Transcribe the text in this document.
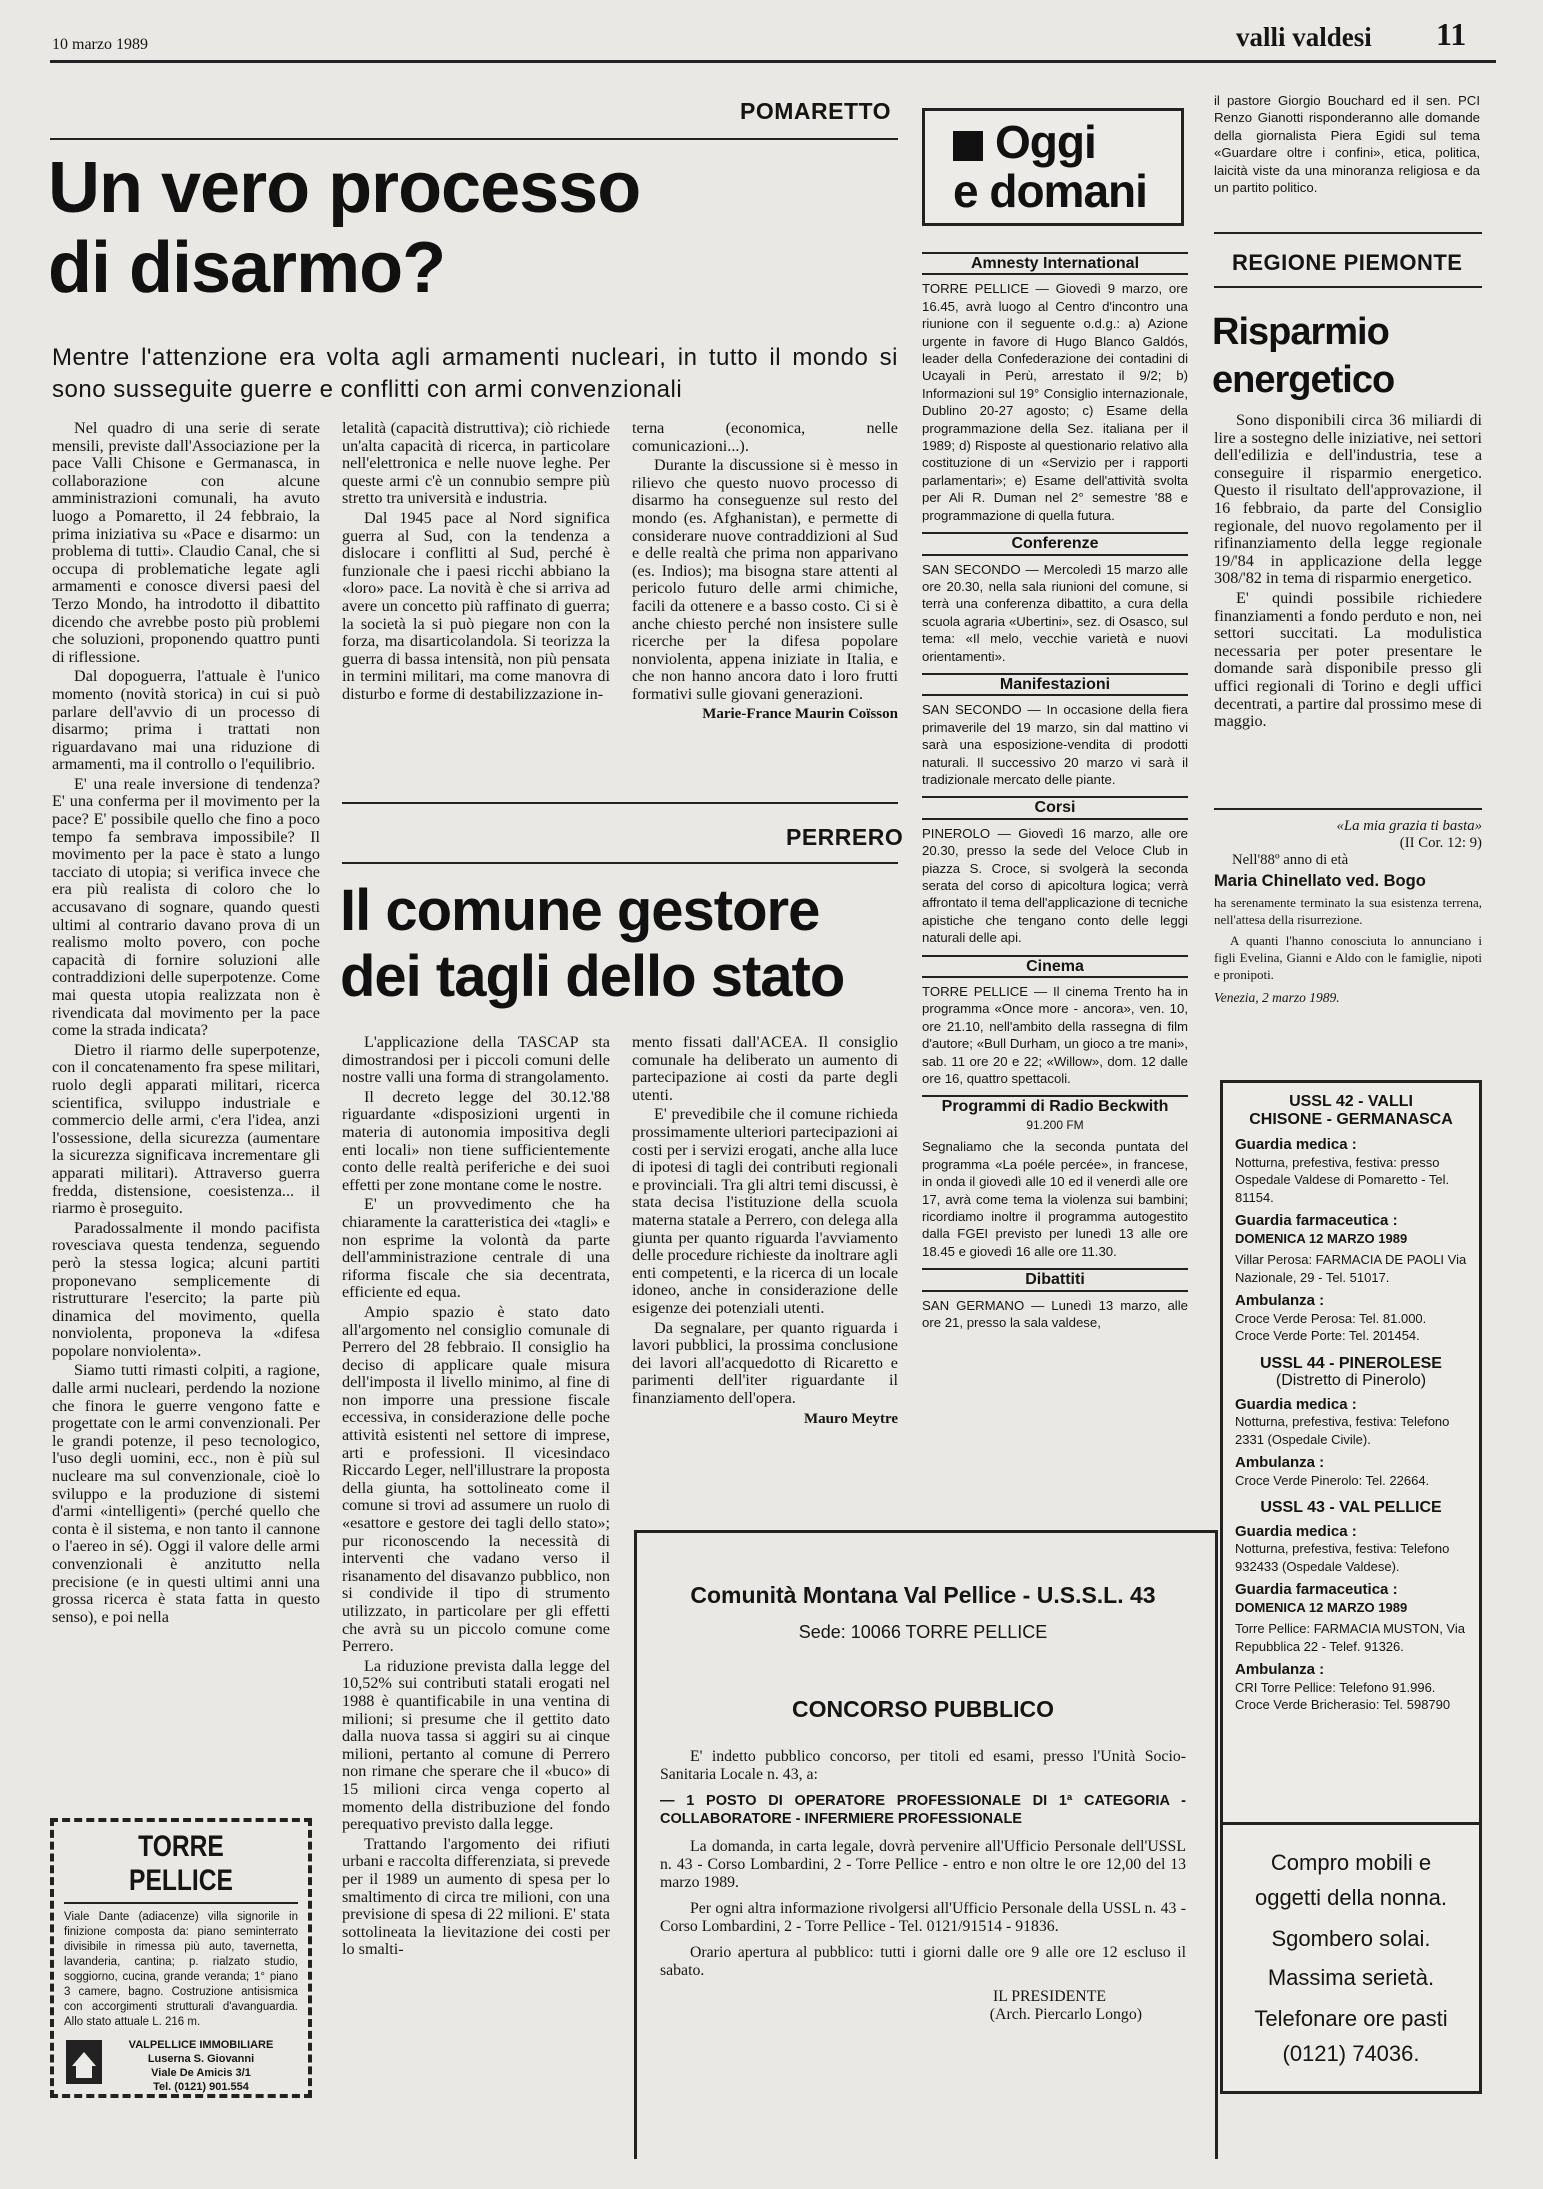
10 marzo 1989	valli valdesi 11
POMARETTO
Un vero processo
di disarmo?
Mentre l'attenzione era volta agli armamenti nucleari, in tutto il mondo si sono susseguite guerre e conflitti con armi convenzionali

Nel quadro di una serie di serate mensili, previste dall'Associazione per la pace Valli Chisone e Germanasca, in collaborazione con alcune amministrazioni comunali, ha avuto luogo a Pomaretto, il 24 febbraio, la prima iniziativa su «Pace e disarmo: un problema di tutti». Claudio Canal, che si occupa di problematiche legate agli armamenti e conosce diversi paesi del Terzo Mondo, ha introdotto il dibattito dicendo che avrebbe posto più problemi che soluzioni, proponendo quattro punti di riflessione.

Dal dopoguerra, l'attuale è l'unico momento (novità storica) in cui si può parlare dell'avvio di un processo di disarmo; prima i trattati non riguardavano mai una riduzione di armamenti, ma il controllo o l'equilibrio.

E' una reale inversione di tendenza? E' una conferma per il movimento per la pace? E' possibile quello che fino a poco tempo fa sembrava impossibile? Il movimento per la pace è stato a lungo tacciato di utopia; si verifica invece che era più realista di coloro che lo accusavano di sognare, quando questi ultimi al contrario davano prova di un realismo molto povero, con poche capacità di fornire soluzioni alle contraddizioni delle superpotenze. Come mai questa utopia realizzata non è rivendicata dal movimento per la pace come la strada indicata?

Dietro il riarmo delle superpotenze, con il concatenamento fra spese militari, ruolo degli apparati militari, ricerca scientifica, sviluppo industriale e commercio delle armi, c'era l'idea, anzi l'ossessione, della sicurezza (aumentare la sicurezza significava incrementare gli apparati militari). Attraverso guerra fredda, distensione, coesistenza... il riarmo è proseguito.

Paradossalmente il mondo pacifista rovesciava questa tendenza, seguendo però la stessa logica; alcuni partiti proponevano semplicemente di ristrutturare l'esercito; la parte più dinamica del movimento, quella nonviolenta, proponeva la «difesa popolare nonviolenta».

Siamo tutti rimasti colpiti, a ragione, dalle armi nucleari, perdendo la nozione che finora le guerre vengono fatte e progettate con le armi convenzionali. Per le grandi potenze, il peso tecnologico, l'uso degli uomini, ecc., non è più sul nucleare ma sul convenzionale, cioè lo sviluppo e la produzione di sistemi d'armi «intelligenti» (perché quello che conta è il sistema, e non tanto il cannone o l'aereo in sé). Oggi il valore delle armi convenzionali è anzitutto nella precisione (e in questi ultimi anni una grossa ricerca è stata fatta in questo senso), e poi nella

letalità (capacità distruttiva); ciò richiede un'alta capacità di ricerca, in particolare nell'elettronica e nelle nuove leghe. Per queste armi c'è un connubio sempre più stretto tra università e industria.

Dal 1945 pace al Nord significa guerra al Sud, con la tendenza a dislocare i conflitti al Sud, perché è funzionale che i paesi ricchi abbiano la «loro» pace. La novità è che si arriva ad avere un concetto più raffinato di guerra; la società la si può piegare non con la forza, ma disarticolandola. Si teorizza la guerra di bassa intensità, non più pensata in termini militari, ma come manovra di disturbo e forme di destabilizzazione in-

terna (economica, nelle comunicazioni...).

Durante la discussione si è messo in rilievo che questo nuovo processo di disarmo ha conseguenze sul resto del mondo (es. Afghanistan), e permette di considerare nuove contraddizioni al Sud e delle realtà che prima non apparivano (es. Indios); ma bisogna stare attenti al pericolo futuro delle armi chimiche, facili da ottenere e a basso costo. Ci si è anche chiesto perché non insistere sulle ricerche per la difesa popolare nonviolenta, appena iniziate in Italia, e che non hanno ancora dato i loro frutti formativi sulle giovani generazioni.

Marie-France Maurin Coïsson
PERRERO
Il comune gestore
dei tagli dello stato

L'applicazione della TASCAP sta dimostrandosi per i piccoli comuni delle nostre valli una forma di strangolamento.

Il decreto legge del 30.12.'88 riguardante «disposizioni urgenti in materia di autonomia impositiva degli enti locali» non tiene sufficientemente conto delle realtà periferiche e dei suoi effetti per zone montane come le nostre.

E' un provvedimento che ha chiaramente la caratteristica dei «tagli» e non esprime la volontà da parte dell'amministrazione centrale di una riforma fiscale che sia decentrata, efficiente ed equa.

Ampio spazio è stato dato all'argomento nel consiglio comunale di Perrero del 28 febbraio. Il consiglio ha deciso di applicare quale misura dell'imposta il livello minimo, al fine di non imporre una pressione fiscale eccessiva, in considerazione delle poche attività esistenti nel settore di imprese, arti e professioni. Il vicesindaco Riccardo Leger, nell'illustrare la proposta della giunta, ha sottolineato come il comune si trovi ad assumere un ruolo di «esattore e gestore dei tagli dello stato»; pur riconoscendo la necessità di interventi che vadano verso il risanamento del disavanzo pubblico, non si condivide il tipo di strumento utilizzato, in particolare per gli effetti che avrà su un piccolo comune come Perrero.

La riduzione prevista dalla legge del 10,52% sui contributi statali erogati nel 1988 è quantificabile in una ventina di milioni; si presume che il gettito dato dalla nuova tassa si aggiri su ai cinque milioni, pertanto al comune di Perrero non rimane che sperare che il «buco» di 15 milioni circa venga coperto al momento della distribuzione del fondo perequativo previsto dalla legge.

Trattando l'argomento dei rifiuti urbani e raccolta differenziata, si prevede per il 1989 un aumento di spesa per lo smaltimento di circa tre milioni, con una previsione di spesa di 22 milioni. E' stata sottolineata la lievitazione dei costi per lo smalti-

mento fissati dall'ACEA. Il consiglio comunale ha deliberato un aumento di partecipazione ai costi da parte degli utenti.

E' prevedibile che il comune richieda prossimamente ulteriori partecipazioni ai costi per i servizi erogati, anche alla luce di ipotesi di tagli dei contributi regionali e provinciali. Tra gli altri temi discussi, è stata decisa l'istituzione della scuola materna statale a Perrero, con delega alla giunta per quanto riguarda l'avviamento delle procedure richieste da inoltrare agli enti competenti, e la ricerca di un locale idoneo, anche in considerazione delle esigenze dei potenziali utenti.

Da segnalare, per quanto riguarda i lavori pubblici, la prossima conclusione dei lavori all'acquedotto di Ricaretto e parimenti dell'iter riguardante il finanziamento dell'opera.

Mauro Meytre
TORRE PELLICE

Viale Dante (adiacenze) villa signorile in finizione composta da: piano seminterrato divisibile in rimessa più auto, tavernetta, lavanderia, cantina; p. rialzato studio, soggiorno, cucina, grande veranda; 1° piano 3 camere, bagno. Costruzione antisismica con accorgimenti strutturali d'avanguardia. Allo stato attuale L. 216 m.

VALPELLICE IMMOBILIARE
Luserna S. Giovanni
Viale De Amicis 3/1
Tel. (0121) 901.554
Comunità Montana Val Pellice - U.S.S.L. 43
Sede: 10066 TORRE PELLICE
CONCORSO PUBBLICO

E' indetto pubblico concorso, per titoli ed esami, presso l'Unità Socio-Sanitaria Locale n. 43, a:

— 1 POSTO DI OPERATORE PROFESSIONALE DI 1ª CATEGORIA - COLLABORATORE - INFERMIERE PROFESSIONALE

La domanda, in carta legale, dovrà pervenire all'Ufficio Personale dell'USSL n. 43 - Corso Lombardini, 2 - Torre Pellice - entro e non oltre le ore 12,00 del 13 marzo 1989.

Per ogni altra informazione rivolgersi all'Ufficio Personale della USSL n. 43 - Corso Lombardini, 2 - Torre Pellice - Tel. 0121/91514 - 91836.

Orario apertura al pubblico: tutti i giorni dalle ore 9 alle ore 12 escluso il sabato.

IL PRESIDENTE
(Arch. Piercarlo Longo)
Oggi
e domani
Amnesty International

TORRE PELLICE — Giovedì 9 marzo, ore 16.45, avrà luogo al Centro d'incontro una riunione con il seguente o.d.g.: a) Azione urgente in favore di Hugo Blanco Galdós, leader della Confederazione dei contadini di Ucayali in Perù, arrestato il 9/2; b) Informazioni sul 19° Consiglio internazionale, Dublino 20-27 agosto; c) Esame della programmazione della Sez. italiana per il 1989; d) Risposte al questionario relativo alla costituzione di un «Servizio per i rapporti parlamentari»; e) Esame dell'attività svolta per Ali R. Duman nel 2° semestre '88 e programmazione di quella futura.

Conferenze

SAN SECONDO — Mercoledì 15 marzo alle ore 20.30, nella sala riunioni del comune, si terrà una conferenza dibattito, a cura della scuola agraria «Ubertini», sez. di Osasco, sul tema: «Il melo, vecchie varietà e nuovi orientamenti».

Manifestazioni

SAN SECONDO — In occasione della fiera primaverile del 19 marzo, sin dal mattino vi sarà una esposizione-vendita di prodotti naturali. Il successivo 20 marzo vi sarà il tradizionale mercato delle piante.

Corsi

PINEROLO — Giovedì 16 marzo, alle ore 20.30, presso la sede del Veloce Club in piazza S. Croce, si svolgerà la seconda serata del corso di apicoltura logica; verrà affrontato il tema dell'applicazione di tecniche apistiche che tengano conto delle leggi naturali delle api.

Cinema

TORRE PELLICE — Il cinema Trento ha in programma «Once more - ancora», ven. 10, ore 21.10, nell'ambito della rassegna di film d'autore; «Bull Durham, un gioco a tre mani», sab. 11 ore 20 e 22; «Willow», dom. 12 dalle ore 16, quattro spettacoli.

Programmi di Radio Beckwith
91.200 FM

Segnaliamo che la seconda puntata del programma «La poéle percée», in francese, in onda il giovedì alle 10 ed il venerdì alle ore 17, avrà come tema la violenza sui bambini; ricordiamo inoltre il programma autogestito dalla FGEI previsto per lunedì 13 alle ore 18.45 e giovedì 16 alle ore 11.30.

Dibattiti

SAN GERMANO — Lunedì 13 marzo, alle ore 21, presso la sala valdese,

il pastore Giorgio Bouchard ed il sen. PCI Renzo Gianotti risponderanno alle domande della giornalista Piera Egidi sul tema «Guardare oltre i confini», etica, politica, laicità viste da una minoranza religiosa e da un partito politico.
REGIONE PIEMONTE
Risparmio
energetico

Sono disponibili circa 36 miliardi di lire a sostegno delle iniziative, nei settori dell'edilizia e dell'industria, tese a conseguire il risparmio energetico. Questo il risultato dell'approvazione, il 16 febbraio, da parte del Consiglio regionale, del nuovo regolamento per il rifinanziamento della legge regionale 19/'84 in applicazione della legge 308/'82 in tema di risparmio energetico.

E' quindi possibile richiedere finanziamenti a fondo perduto e non, nei settori succitati. La modulistica necessaria per poter presentare le domande sarà disponibile presso gli uffici regionali di Torino e degli uffici decentrati, a partire dal prossimo mese di maggio.

«La mia grazia ti basta»
(II Cor. 12: 9)
Nell'88º anno di età
Maria Chinellato ved. Bogo

ha serenamente terminato la sua esistenza terrena, nell'attesa della risurrezione.

A quanti l'hanno conosciuta lo annunciano i figli Evelina, Gianni e Aldo con le famiglie, nipoti e pronipoti.

Venezia, 2 marzo 1989.
USSL 42 - VALLI
CHISONE - GERMANASCA
Guardia medica :

Notturna, prefestiva, festiva: presso Ospedale Valdese di Pomaretto - Tel. 81154.

Guardia farmaceutica :

DOMENICA 12 MARZO 1989

Villar Perosa: FARMACIA DE PAOLI Via Nazionale, 29 - Tel. 51017.

Ambulanza :

Croce Verde Perosa: Tel. 81.000.

Croce Verde Porte: Tel. 201454.

USSL 44 - PINEROLESE
(Distretto di Pinerolo)
Guardia medica :

Notturna, prefestiva, festiva: Telefono 2331 (Ospedale Civile).

Ambulanza :

Croce Verde Pinerolo: Tel. 22664.

USSL 43 - VAL PELLICE
Guardia medica :

Notturna, prefestiva, festiva: Telefono 932433 (Ospedale Valdese).

Guardia farmaceutica :

DOMENICA 12 MARZO 1989

Torre Pellice: FARMACIA MUSTON, Via Repubblica 22 - Telef. 91326.

Ambulanza :

CRI Torre Pellice: Telefono 91.996.

Croce Verde Bricherasio: Tel. 598790

Compro mobili e
oggetti della nonna.
Sgombero solai.
Massima serietà.
Telefonare ore pasti
(0121) 74036.
